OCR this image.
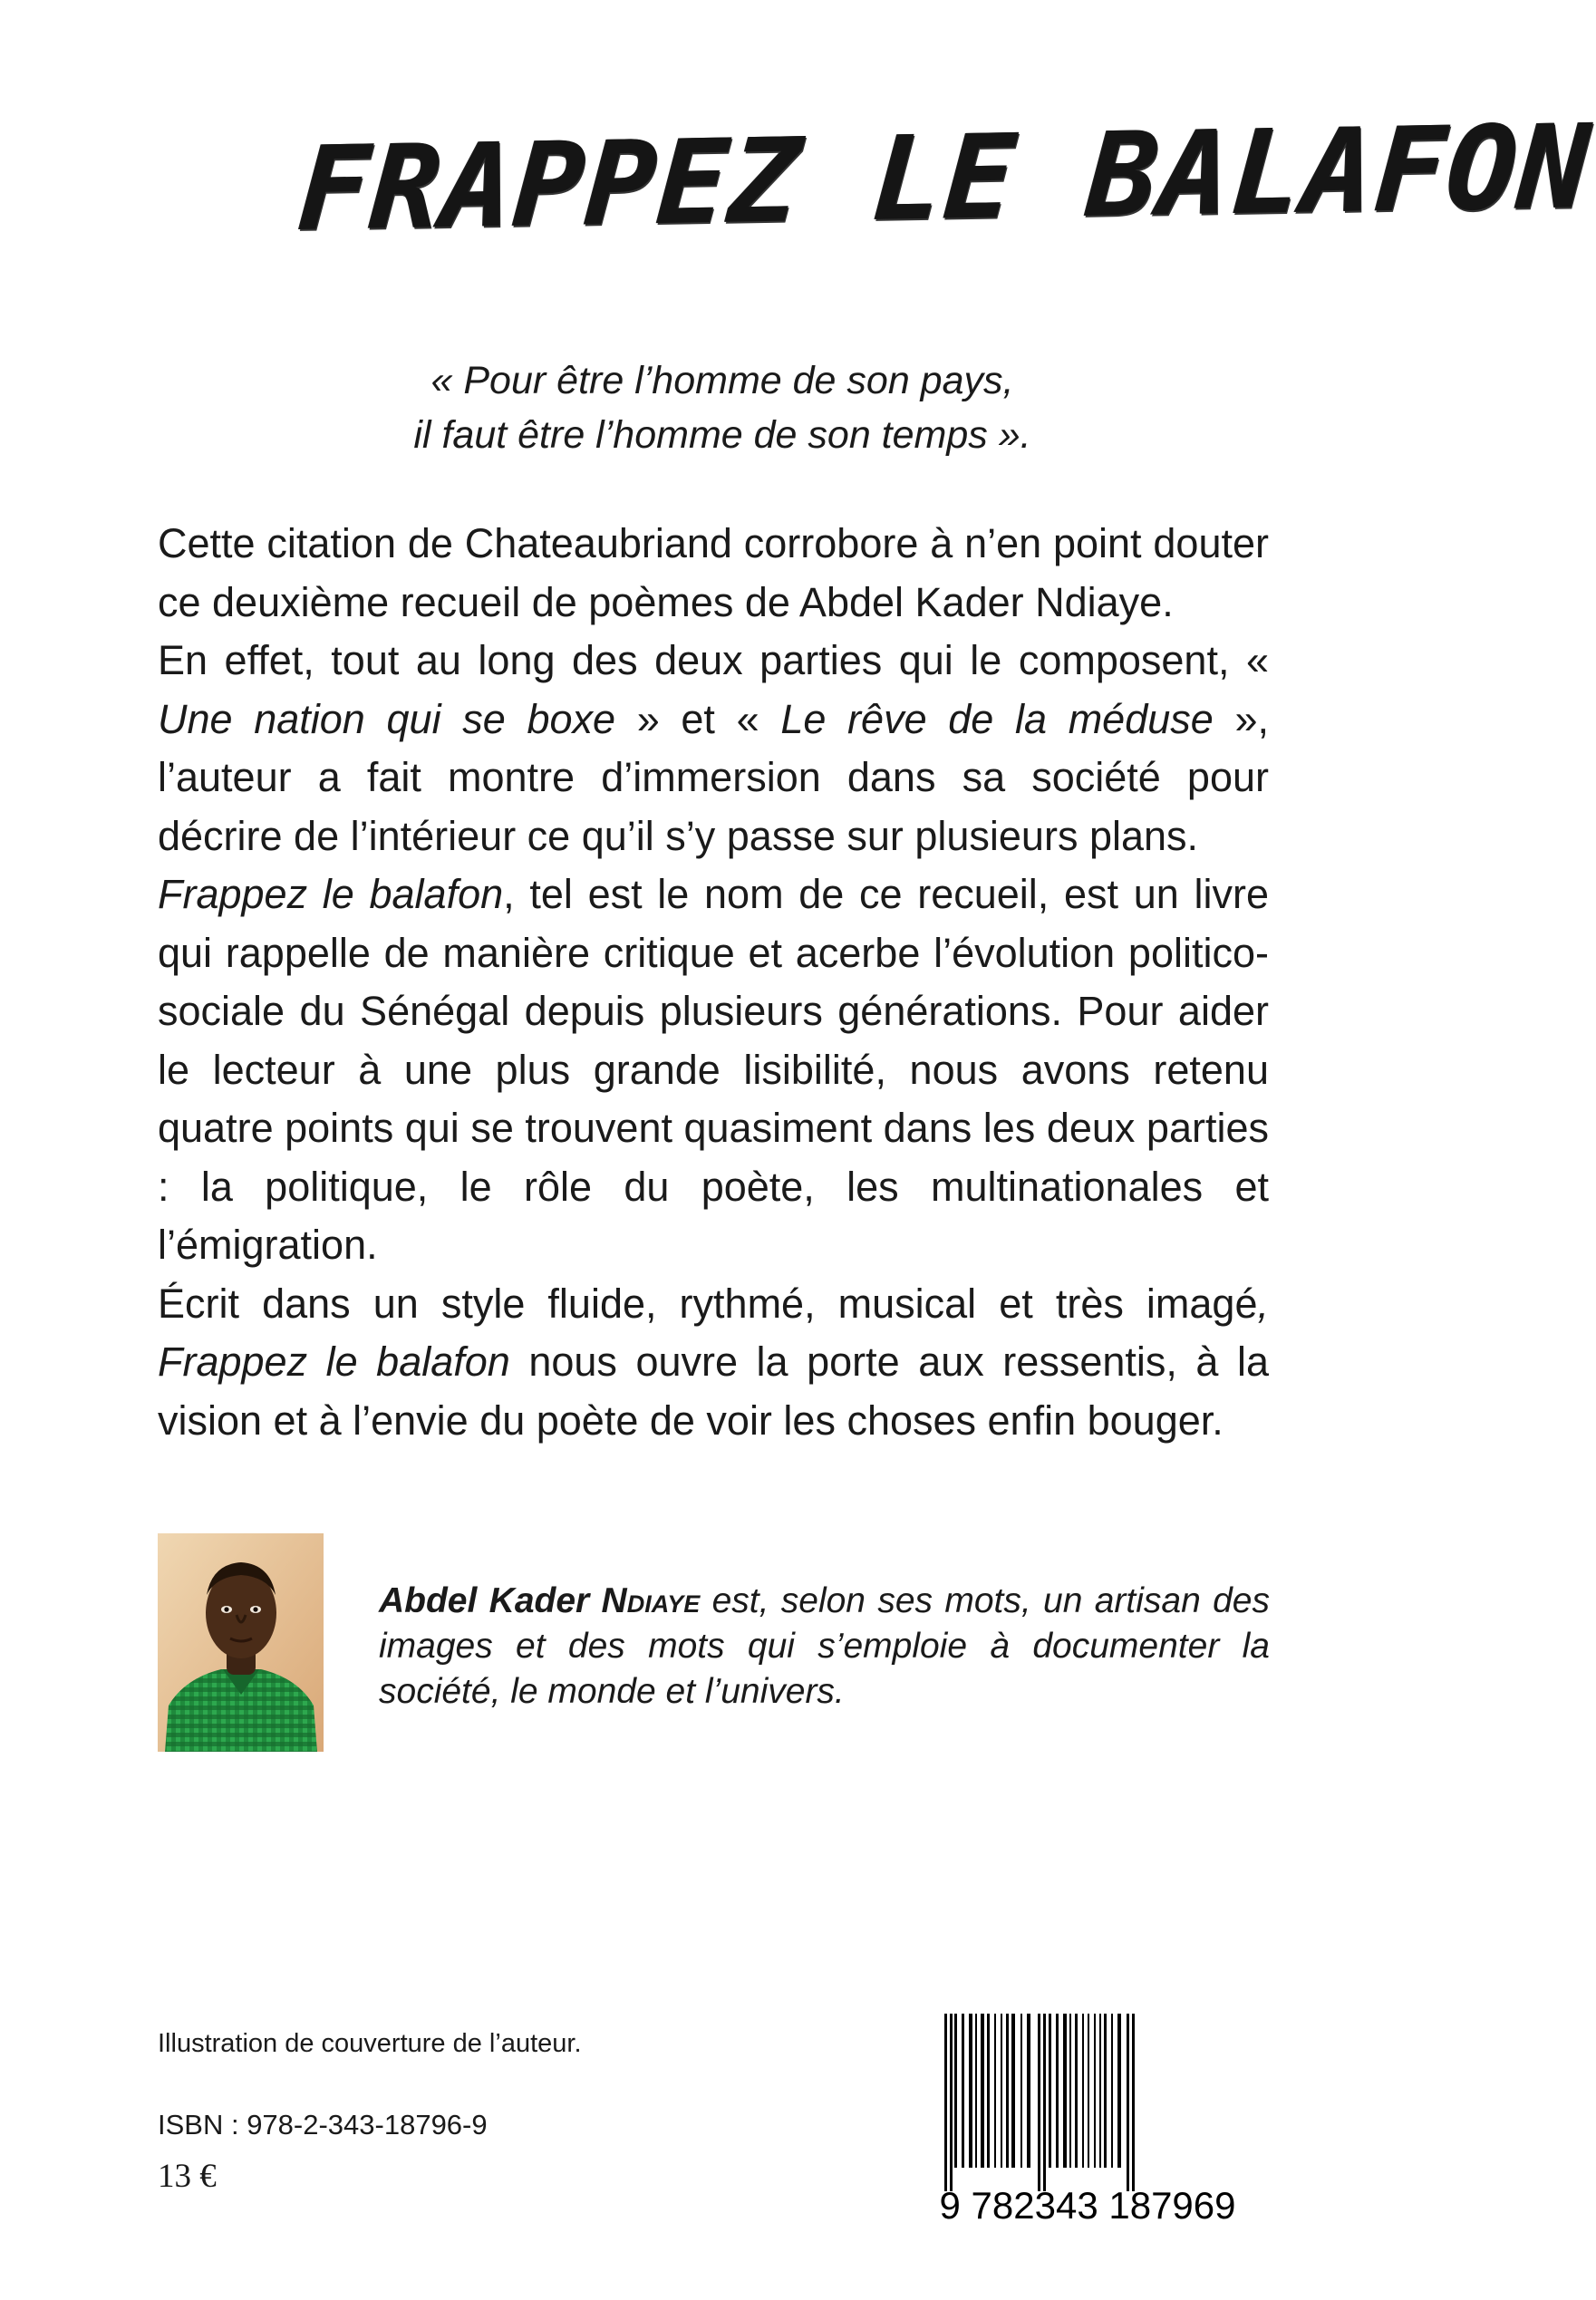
FRAPPEZ LE BALAFON
« Pour être l’homme de son pays,
il faut être l’homme de son temps ».

Cette citation de Chateaubriand corrobore à n’en point douter ce deuxième recueil de poèmes de Abdel Kader Ndiaye.

En effet, tout au long des deux parties qui le composent, « Une nation qui se boxe » et « Le rêve de la méduse », l’auteur a fait montre d’immersion dans sa société pour décrire de l’intérieur ce qu’il s’y passe sur plusieurs plans.

Frappez le balafon, tel est le nom de ce recueil, est un livre qui rappelle de manière critique et acerbe l’évolution politico-sociale du Sénégal depuis plusieurs générations. Pour aider le lecteur à une plus grande lisibilité, nous avons retenu quatre points qui se trouvent quasiment dans les deux parties : la politique, le rôle du poète, les multinationales et l’émigration.

Écrit dans un style fluide, rythmé, musical et très imagé, Frappez le balafon nous ouvre la porte aux ressentis, à la vision et à l’envie du poète de voir les choses enfin bouger.

Abdel Kader Ndiaye est, selon ses mots, un artisan des images et des mots qui s’emploie à documenter la société, le monde et l’univers.
Illustration de couverture de l’auteur.
ISBN : 978-2-343-18796-9
13 €
9 782343 187969
